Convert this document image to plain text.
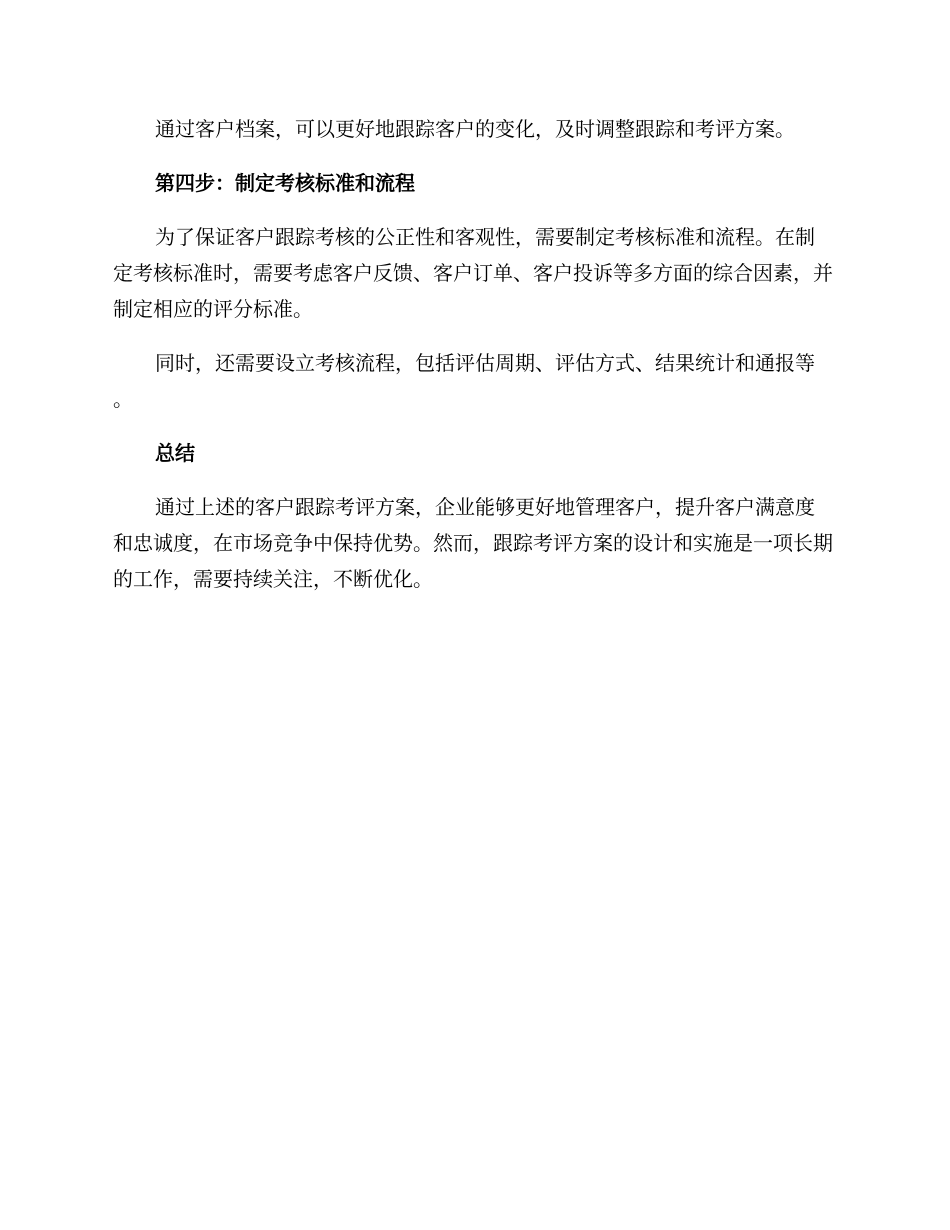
通过客户档案，可以更好地跟踪客户的变化，及时调整跟踪和考评方案。

第四步：制定考核标准和流程

为了保证客户跟踪考核的公正性和客观性，需要制定考核标准和流程。在制定考核标准时，需要考虑客户反馈、客户订单、客户投诉等多方面的综合因素，并制定相应的评分标准。

同时，还需要设立考核流程，包括评估周期、评估方式、结果统计和通报等。

总结

通过上述的客户跟踪考评方案，企业能够更好地管理客户，提升客户满意度和忠诚度，在市场竞争中保持优势。然而，跟踪考评方案的设计和实施是一项长期的工作，需要持续关注，不断优化。
